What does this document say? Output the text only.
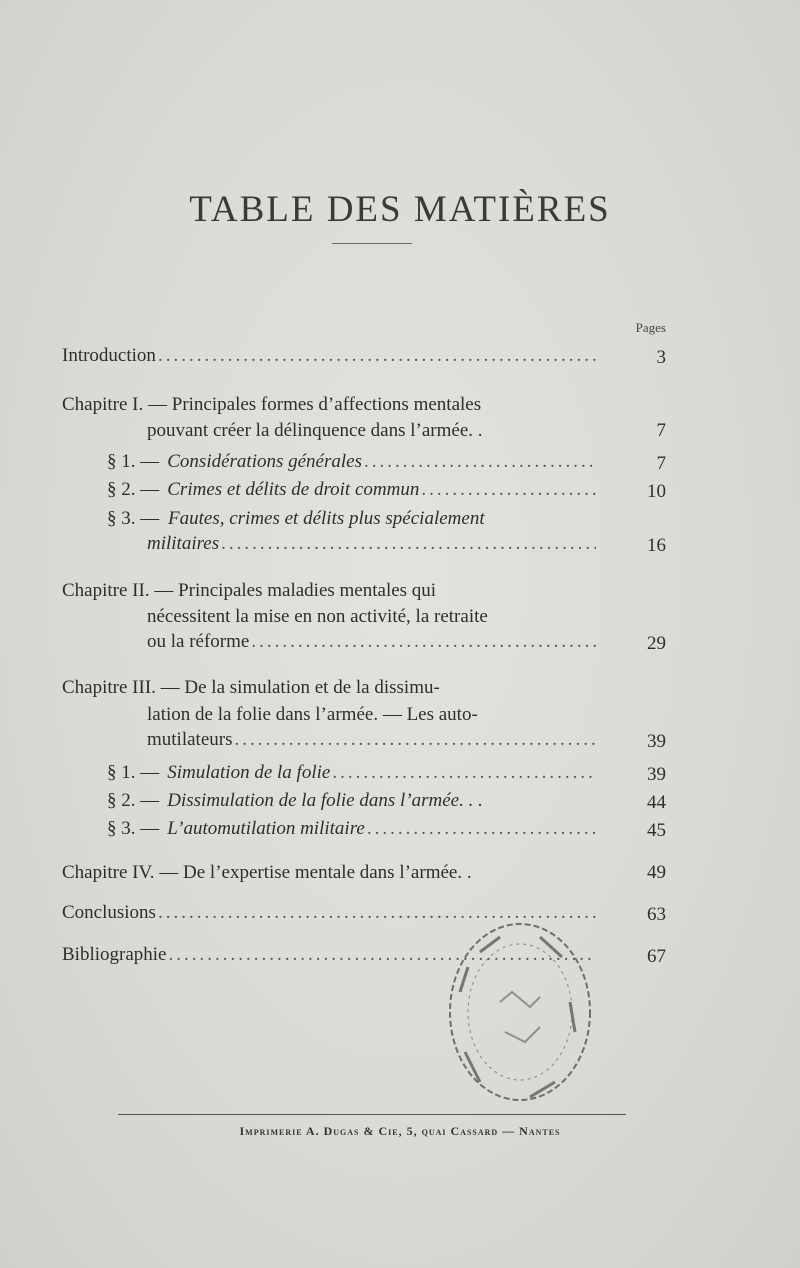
TABLE DES MATIÈRES
Pages
Introduction .....	3
Chapitre I. — Principales formes d’affections mentales
pouvant créer la délinquence dans l’armée. .	7
§ 1. — Considérations générales .....	7
§ 2. — Crimes et délits de droit commun .....	10
§ 3. — Fautes, crimes et délits plus spécialement
militaires .....	16
Chapitre II. — Principales maladies mentales qui
nécessitent la mise en non activité, la retraite
ou la réforme .....	29
Chapitre III. — De la simulation et de la dissimu-
lation de la folie dans l’armée. — Les auto-
mutilateurs .....	39
§ 1. — Simulation de la folie .....	39
§ 2. — Dissimulation de la folie dans l’armée. . .	44
§ 3. — L’automutilation militaire .....	45
Chapitre IV. — De l’expertise mentale dans l’armée. .	49
Conclusions .....	63
Bibliographie .....	67
Imprimerie A. Dugas & Cie, 5, quai Cassard — Nantes
